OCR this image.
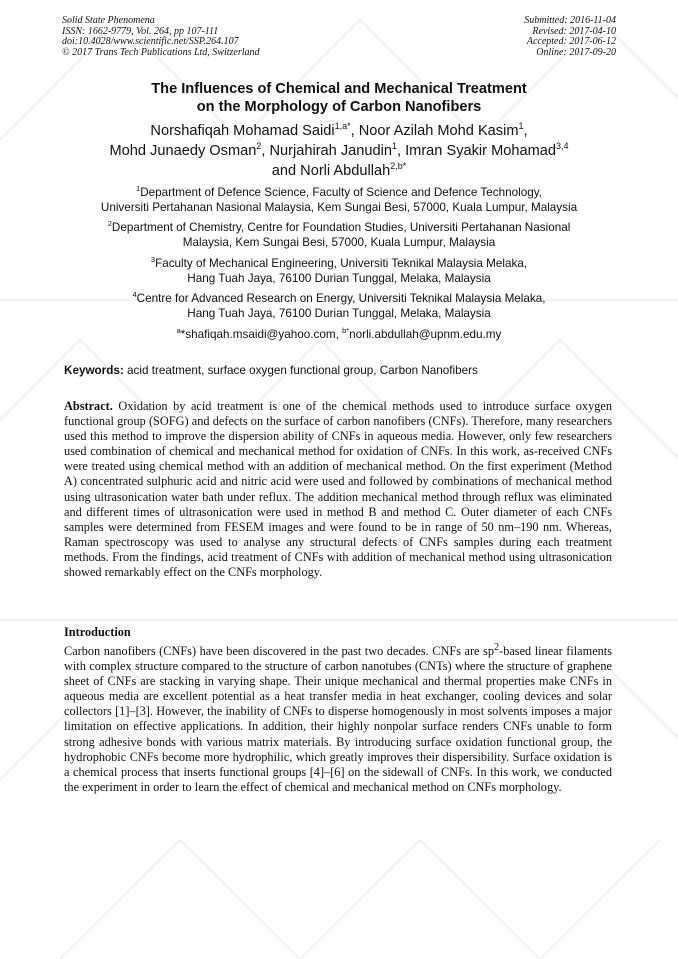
Solid State Phenomena
ISSN: 1662-9779, Vol. 264, pp 107-111
doi:10.4028/www.scientific.net/SSP.264.107
© 2017 Trans Tech Publications Ltd, Switzerland
Submitted: 2016-11-04
Revised: 2017-04-10
Accepted: 2017-06-12
Online: 2017-09-20
The Influences of Chemical and Mechanical Treatment
on the Morphology of Carbon Nanofibers
Norshafiqah Mohamad Saidi$^{1,a*}$, Noor Azilah Mohd Kasim$^1$,
Mohd Junaedy Osman$^2$, Nurjahirah Janudin$^1$, Imran Syakir Mohamad$^{3,4}$
and Norli Abdullah$^{2,b*}$
$^1$Department of Defence Science, Faculty of Science and Defence Technology,
Universiti Pertahanan Nasional Malaysia, Kem Sungai Besi, 57000, Kuala Lumpur, Malaysia
$^2$Department of Chemistry, Centre for Foundation Studies, Universiti Pertahanan Nasional
Malaysia, Kem Sungai Besi, 57000, Kuala Lumpur, Malaysia
$^3$Faculty of Mechanical Engineering, Universiti Teknikal Malaysia Melaka,
Hang Tuah Jaya, 76100 Durian Tunggal, Melaka, Malaysia
$^4$Centre for Advanced Research on Energy, Universiti Teknikal Malaysia Melaka,
Hang Tuah Jaya, 76100 Durian Tunggal, Melaka, Malaysia
$^a$*shafiqah.msaidi@yahoo.com, $^{b*}$norli.abdullah@upnm.edu.my
Keywords: acid treatment, surface oxygen functional group, Carbon Nanofibers
Abstract. Oxidation by acid treatment is one of the chemical methods used to introduce surface oxygen functional group (SOFG) and defects on the surface of carbon nanofibers (CNFs). Therefore, many researchers used this method to improve the dispersion ability of CNFs in aqueous media. However, only few researchers used combination of chemical and mechanical method for oxidation of CNFs. In this work, as-received CNFs were treated using chemical method with an addition of mechanical method. On the first experiment (Method A) concentrated sulphuric acid and nitric acid were used and followed by combinations of mechanical method using ultrasonication water bath under reflux. The addition mechanical method through reflux was eliminated and different times of ultrasonication were used in method B and method C. Outer diameter of each CNFs samples were determined from FESEM images and were found to be in range of 50 nm–190 nm. Whereas, Raman spectroscopy was used to analyse any structural defects of CNFs samples during each treatment methods. From the findings, acid treatment of CNFs with addition of mechanical method using ultrasonication showed remarkably effect on the CNFs morphology.
Introduction
Carbon nanofibers (CNFs) have been discovered in the past two decades. CNFs are $sp^2$-based linear filaments with complex structure compared to the structure of carbon nanotubes (CNTs) where the structure of graphene sheet of CNFs are stacking in varying shape. Their unique mechanical and thermal properties make CNFs in aqueous media are excellent potential as a heat transfer media in heat exchanger, cooling devices and solar collectors [1]–[3]. However, the inability of CNFs to disperse homogenously in most solvents imposes a major limitation on effective applications. In addition, their highly nonpolar surface renders CNFs unable to form strong adhesive bonds with various matrix materials. By introducing surface oxidation functional group, the hydrophobic CNFs become more hydrophilic, which greatly improves their dispersibility. Surface oxidation is a chemical process that inserts functional groups [4]–[6] on the sidewall of CNFs. In this work, we conducted the experiment in order to learn the effect of chemical and mechanical method on CNFs morphology.
